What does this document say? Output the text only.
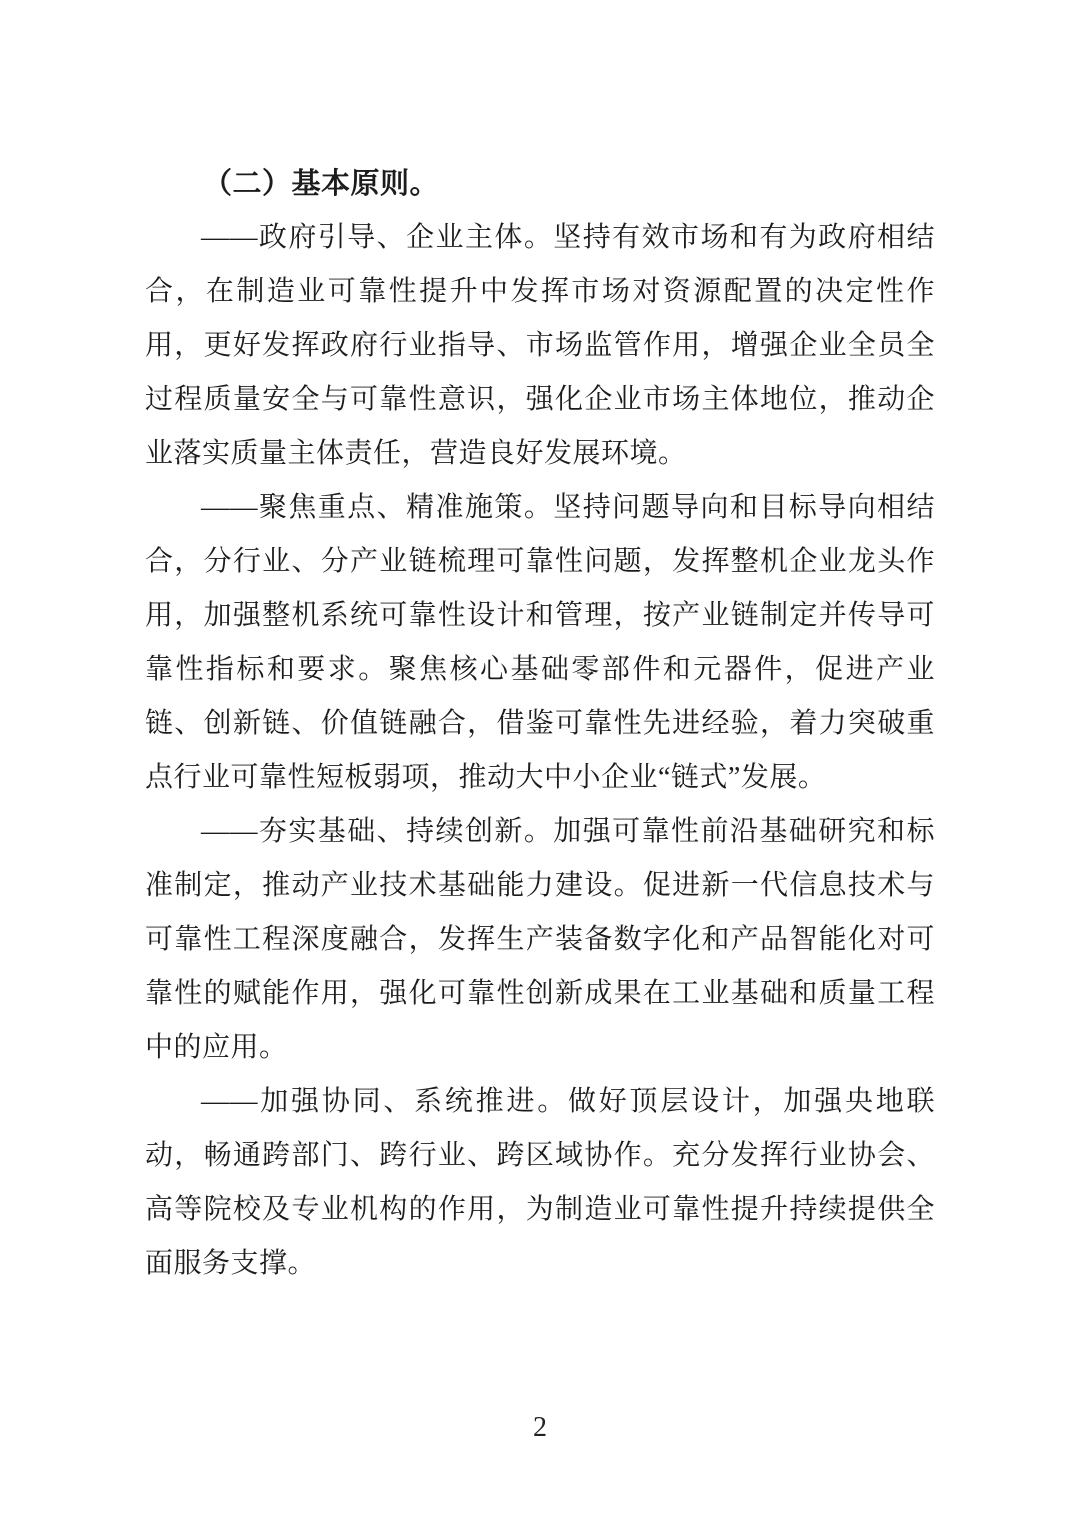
（二）基本原则。

——政府引导、企业主体。坚持有效市场和有为政府相结合，在制造业可靠性提升中发挥市场对资源配置的决定性作用，更好发挥政府行业指导、市场监管作用，增强企业全员全过程质量安全与可靠性意识，强化企业市场主体地位，推动企业落实质量主体责任，营造良好发展环境。

——聚焦重点、精准施策。坚持问题导向和目标导向相结合，分行业、分产业链梳理可靠性问题，发挥整机企业龙头作用，加强整机系统可靠性设计和管理，按产业链制定并传导可靠性指标和要求。聚焦核心基础零部件和元器件，促进产业链、创新链、价值链融合，借鉴可靠性先进经验，着力突破重点行业可靠性短板弱项，推动大中小企业“链式”发展。

——夯实基础、持续创新。加强可靠性前沿基础研究和标准制定，推动产业技术基础能力建设。促进新一代信息技术与可靠性工程深度融合，发挥生产装备数字化和产品智能化对可靠性的赋能作用，强化可靠性创新成果在工业基础和质量工程中的应用。

——加强协同、系统推进。做好顶层设计，加强央地联动，畅通跨部门、跨行业、跨区域协作。充分发挥行业协会、高等院校及专业机构的作用，为制造业可靠性提升持续提供全面服务支撑。

2
